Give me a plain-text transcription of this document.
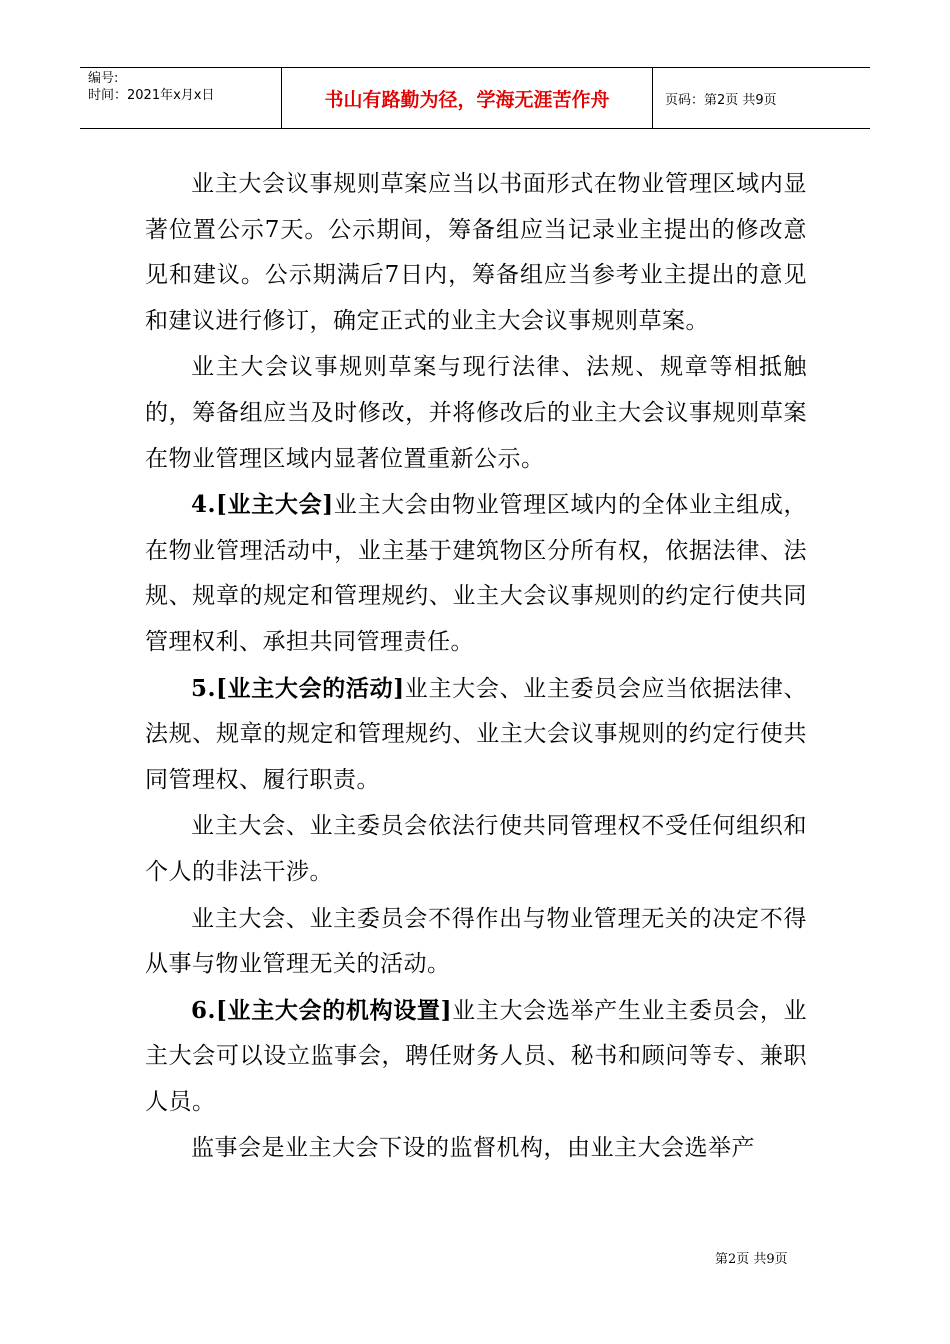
编号:
时间：2021年x月x日	书山有路勤为径，学海无涯苦作舟	页码：第2页 共9页

业主大会议事规则草案应当以书面形式在物业管理区域内显著位置公示7天。公示期间，筹备组应当记录业主提出的修改意见和建议。公示期满后7日内，筹备组应当参考业主提出的意见和建议进行修订，确定正式的业主大会议事规则草案。

业主大会议事规则草案与现行法律、法规、规章等相抵触的，筹备组应当及时修改，并将修改后的业主大会议事规则草案在物业管理区域内显著位置重新公示。

4.[业主大会]业主大会由物业管理区域内的全体业主组成，在物业管理活动中，业主基于建筑物区分所有权，依据法律、法规、规章的规定和管理规约、业主大会议事规则的约定行使共同管理权利、承担共同管理责任。

5.[业主大会的活动]业主大会、业主委员会应当依据法律、法规、规章的规定和管理规约、业主大会议事规则的约定行使共同管理权、履行职责。

业主大会、业主委员会依法行使共同管理权不受任何组织和个人的非法干涉。

业主大会、业主委员会不得作出与物业管理无关的决定不得从事与物业管理无关的活动。

6.[业主大会的机构设置]业主大会选举产生业主委员会，业主大会可以设立监事会，聘任财务人员、秘书和顾问等专、兼职人员。

监事会是业主大会下设的监督机构，由业主大会选举产

第2页 共9页
